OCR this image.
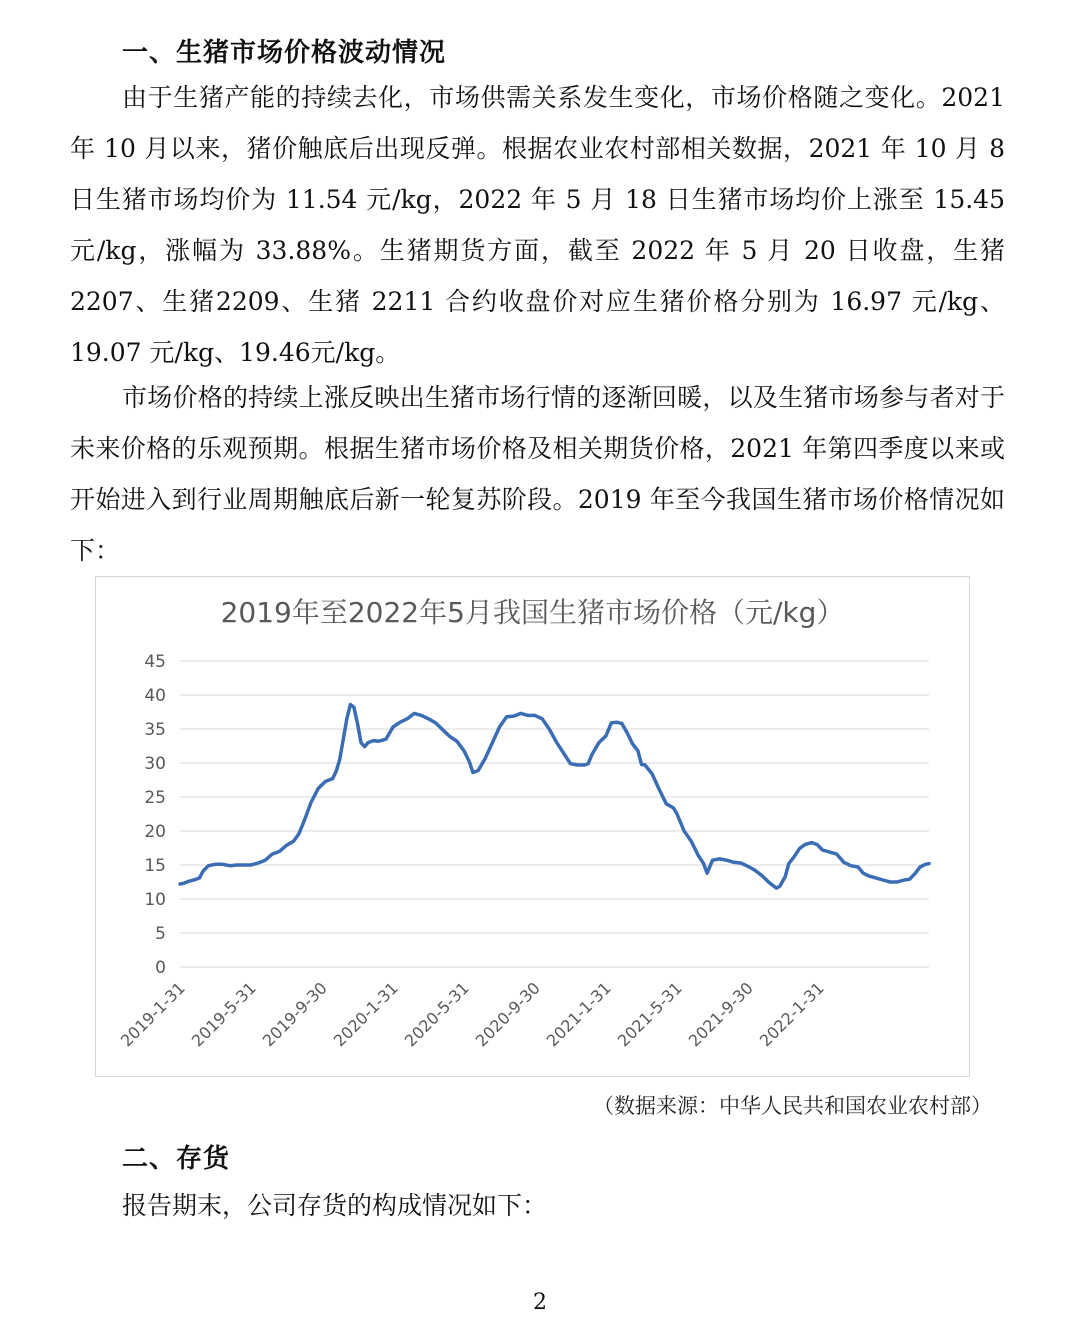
一、生猪市场价格波动情况

由于生猪产能的持续去化，市场供需关系发生变化，市场价格随之变化。2021年 10 月以来，猪价触底后出现反弹。根据农业农村部相关数据，2021 年 10 月 8日生猪市场均价为 11.54 元/kg，2022 年 5 月 18 日生猪市场均价上涨至 15.45 元/kg，涨幅为 33.88%。生猪期货方面，截至 2022 年 5 月 20 日收盘，生猪 2207、生猪2209、生猪 2211 合约收盘价对应生猪价格分别为 16.97 元/kg、19.07 元/kg、19.46元/kg。

市场价格的持续上涨反映出生猪市场行情的逐渐回暖，以及生猪市场参与者对于未来价格的乐观预期。根据生猪市场价格及相关期货价格，2021 年第四季度以来或开始进入到行业周期触底后新一轮复苏阶段。2019 年至今我国生猪市场价格情况如下：

2019年至2022年5月我国生猪市场价格（元/kg）
0
5
10
15
20
25
30
35
40
45
2019-1-31 2019-5-31 2019-9-30 2020-1-31 2020-5-31 2020-9-30 2021-1-31 2021-5-31 2021-9-30 2022-1-31
（数据来源：中华人民共和国农业农村部）
二、存货

报告期末，公司存货的构成情况如下：

2
